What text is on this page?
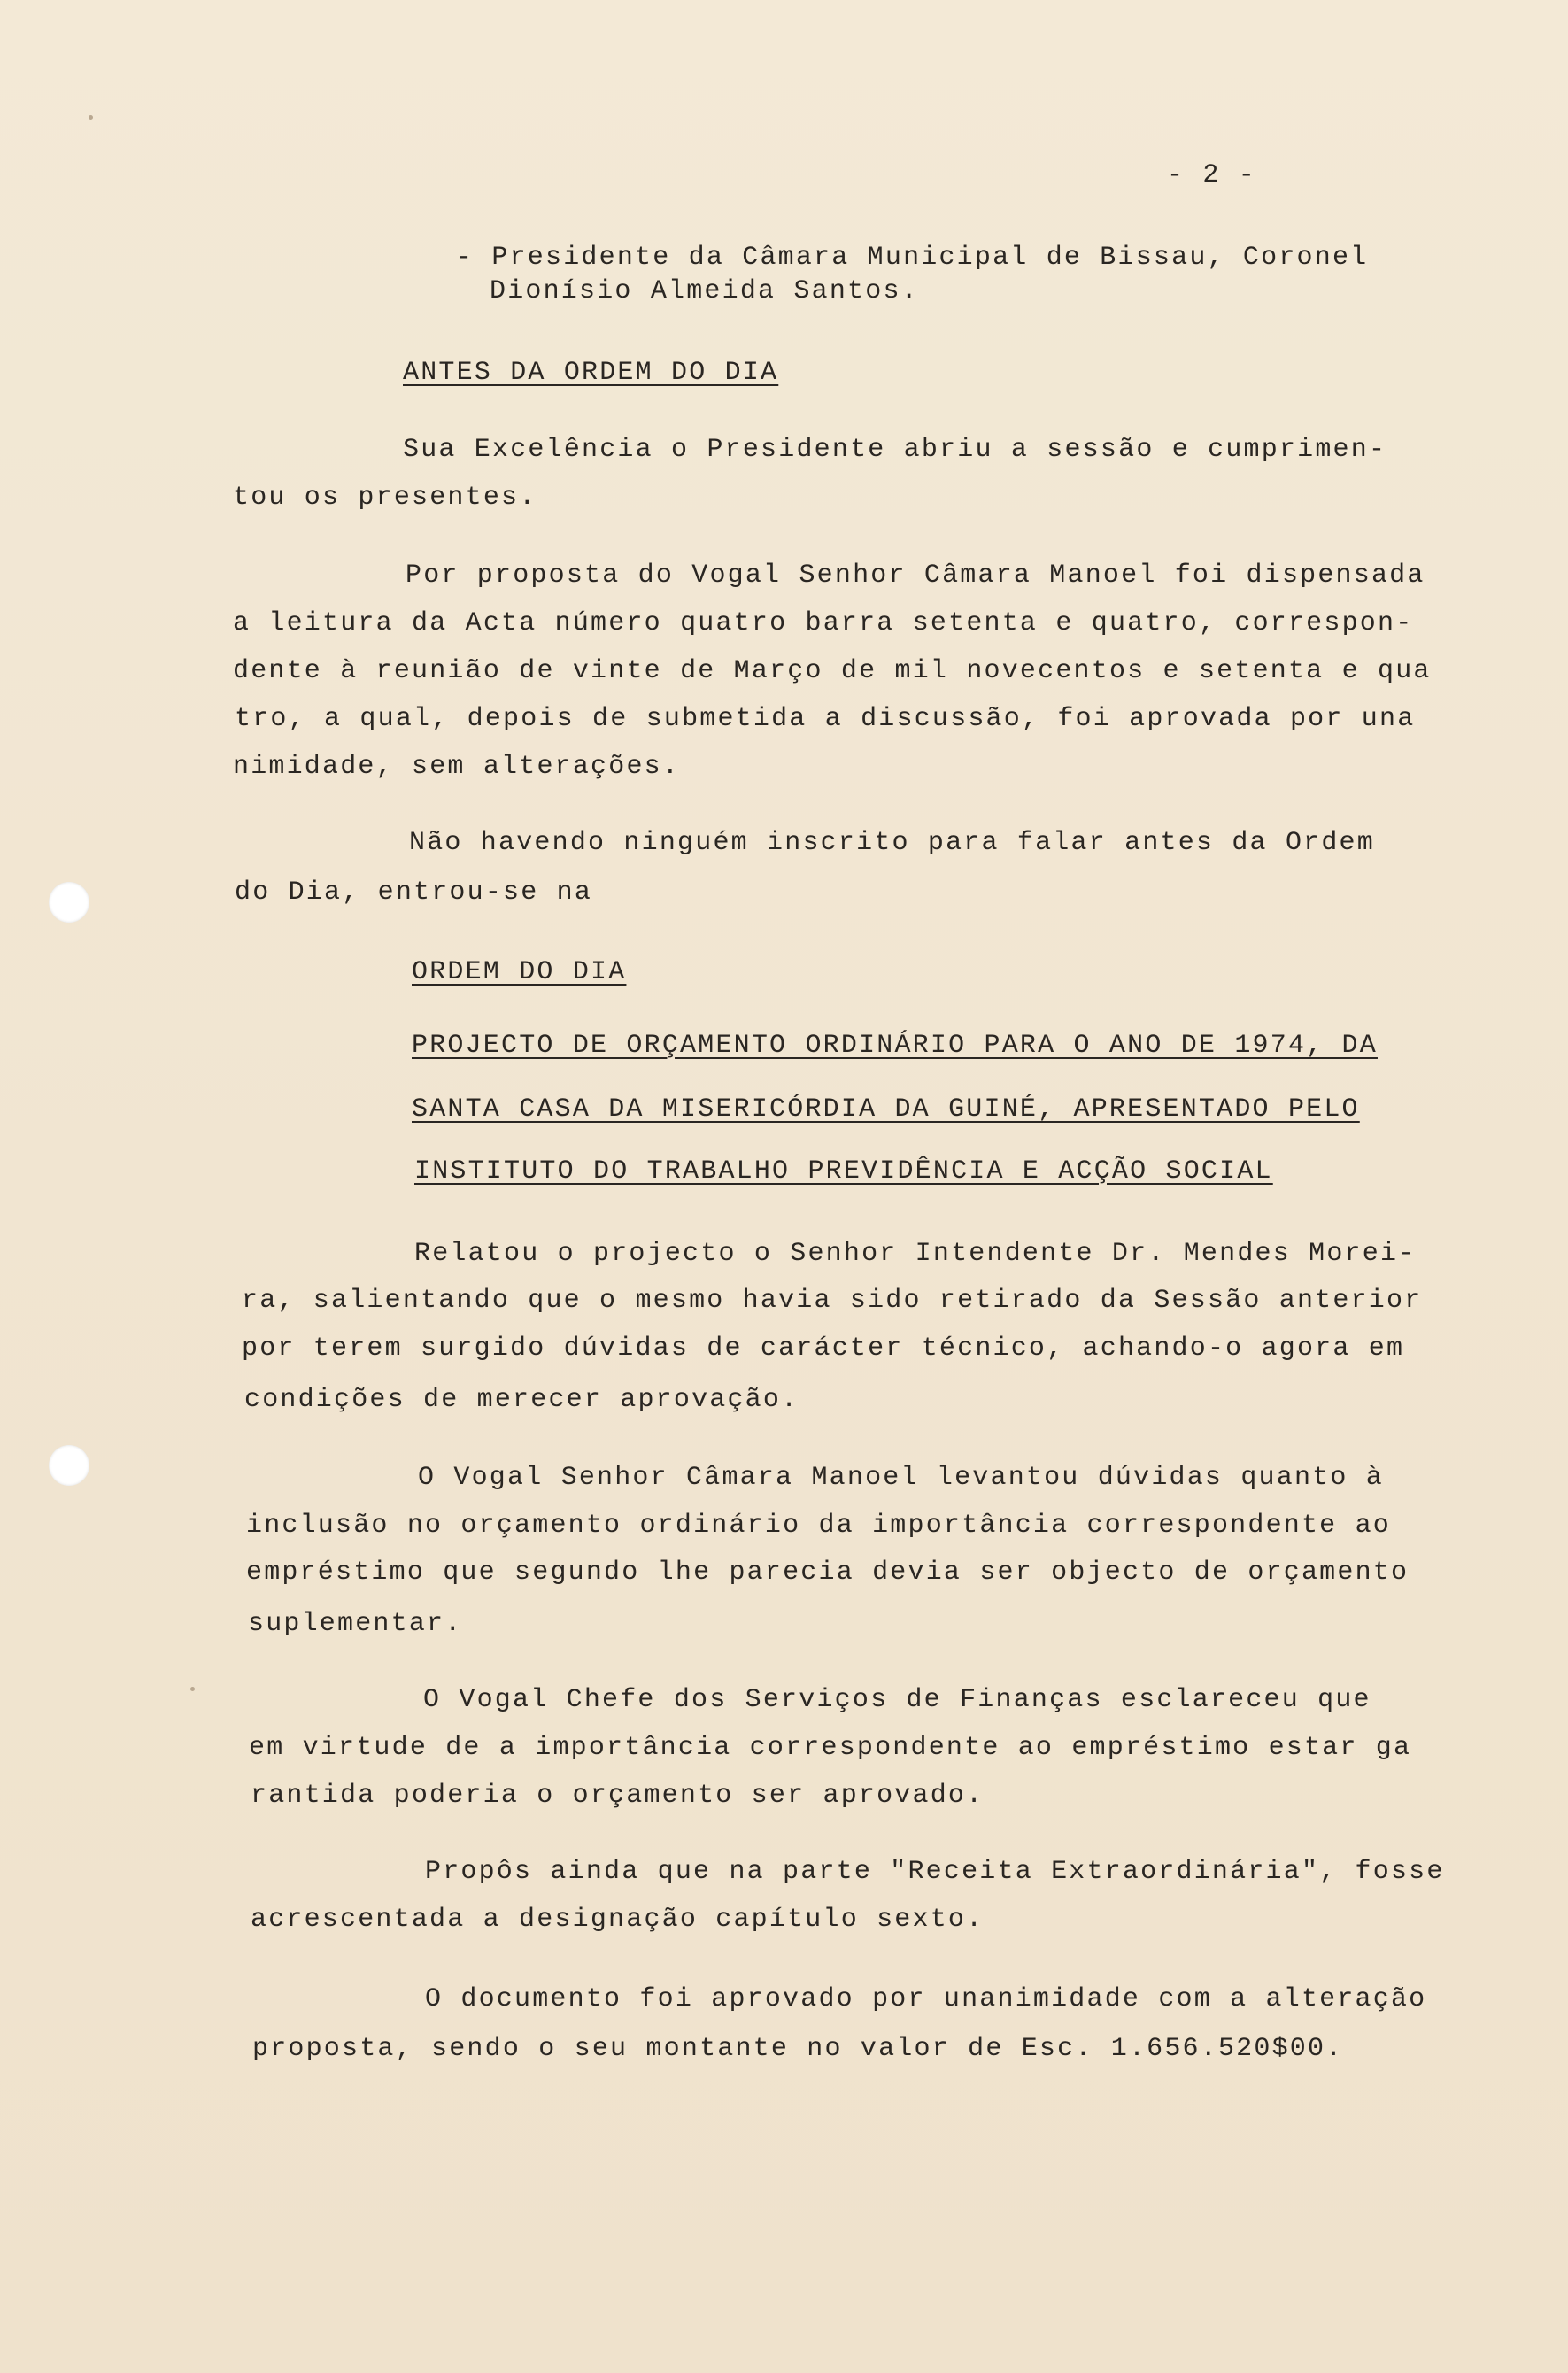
- 2 -
- Presidente da Câmara Municipal de Bissau, Coronel
Dionísio Almeida Santos.
ANTES DA ORDEM DO DIA
Sua Excelência o Presidente abriu a sessão e cumprimen-
tou os presentes.
Por proposta do Vogal Senhor Câmara Manoel foi dispensada
a leitura da Acta número quatro barra setenta e quatro, correspon-
dente à reunião de vinte de Março de mil novecentos e setenta e qua
tro, a qual, depois de submetida a discussão, foi aprovada por una
nimidade, sem alterações.
Não havendo ninguém inscrito para falar antes da Ordem
do Dia, entrou-se na
ORDEM DO DIA
PROJECTO DE ORÇAMENTO ORDINÁRIO PARA O ANO DE 1974, DA
SANTA CASA DA MISERICÓRDIA DA GUINÉ, APRESENTADO PELO
INSTITUTO DO TRABALHO PREVIDÊNCIA E ACÇÃO SOCIAL
Relatou o projecto o Senhor Intendente Dr. Mendes Morei-
ra, salientando que o mesmo havia sido retirado da Sessão anterior
por terem surgido dúvidas de carácter técnico, achando-o agora em
condições de merecer aprovação.
O Vogal Senhor Câmara Manoel levantou dúvidas quanto à
inclusão no orçamento ordinário da importância correspondente ao
empréstimo que segundo lhe parecia devia ser objecto de orçamento
suplementar.
O Vogal Chefe dos Serviços de Finanças esclareceu que
em virtude de a importância correspondente ao empréstimo estar ga
rantida poderia o orçamento ser aprovado.
Propôs ainda que na parte "Receita Extraordinária", fosse
acrescentada a designação capítulo sexto.
O documento foi aprovado por unanimidade com a alteração
proposta, sendo o seu montante no valor de Esc. 1.656.520$00.
